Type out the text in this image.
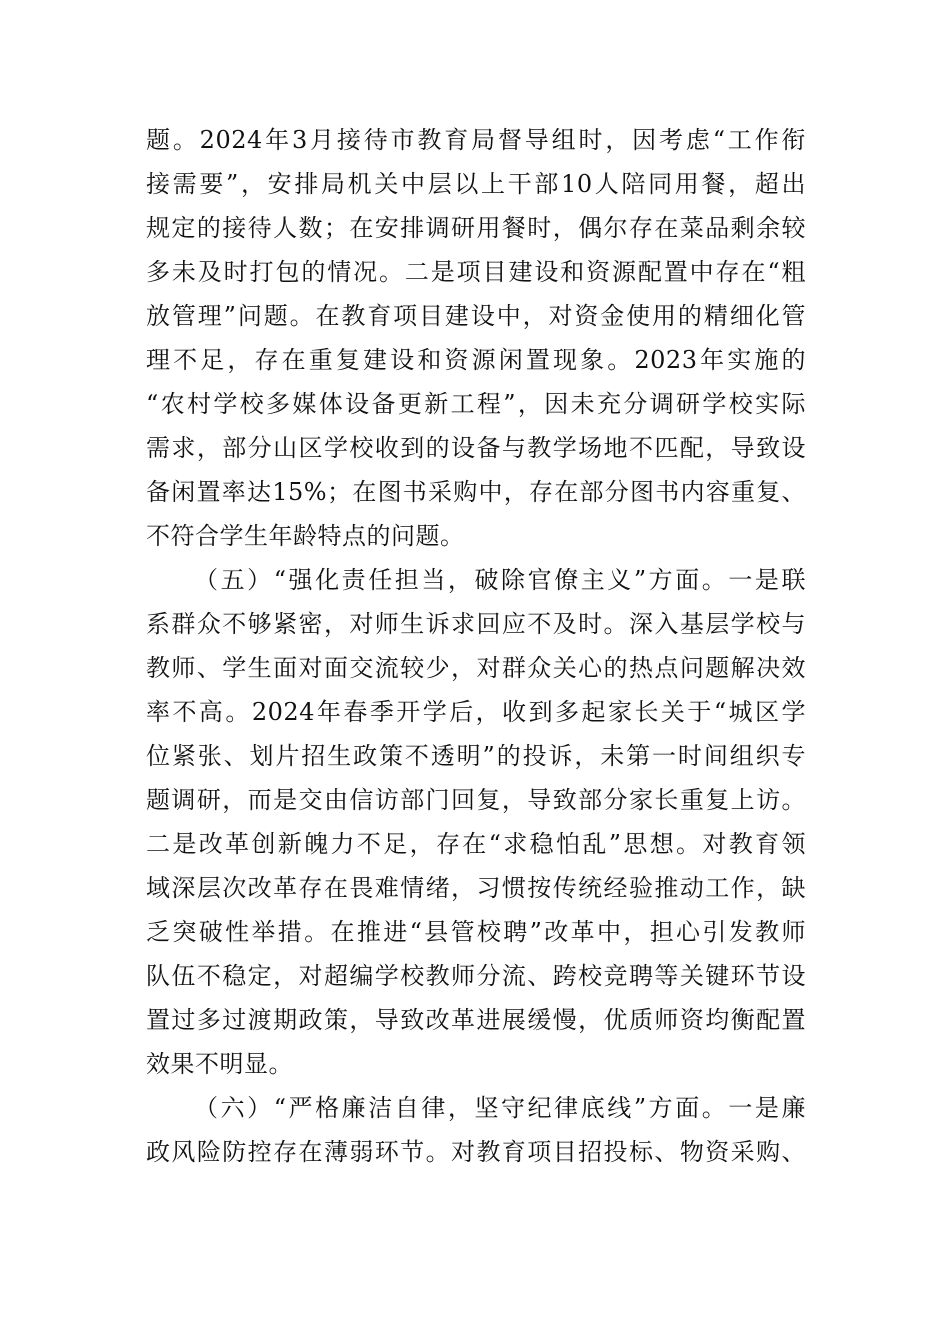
题。2024年3月接待市教育局督导组时，因考虑“工作衔
接需要”，安排局机关中层以上干部10人陪同用餐，超出
规定的接待人数；在安排调研用餐时，偶尔存在菜品剩余较
多未及时打包的情况。二是项目建设和资源配置中存在“粗
放管理”问题。在教育项目建设中，对资金使用的精细化管
理不足，存在重复建设和资源闲置现象。2023年实施的
“农村学校多媒体设备更新工程”，因未充分调研学校实际
需求，部分山区学校收到的设备与教学场地不匹配，导致设
备闲置率达15%；在图书采购中，存在部分图书内容重复、
不符合学生年龄特点的问题。
（五）“强化责任担当，破除官僚主义”方面。一是联
系群众不够紧密，对师生诉求回应不及时。深入基层学校与
教师、学生面对面交流较少，对群众关心的热点问题解决效
率不高。2024年春季开学后，收到多起家长关于“城区学
位紧张、划片招生政策不透明”的投诉，未第一时间组织专
题调研，而是交由信访部门回复，导致部分家长重复上访。
二是改革创新魄力不足，存在“求稳怕乱”思想。对教育领
域深层次改革存在畏难情绪，习惯按传统经验推动工作，缺
乏突破性举措。在推进“县管校聘”改革中，担心引发教师
队伍不稳定，对超编学校教师分流、跨校竞聘等关键环节设
置过多过渡期政策，导致改革进展缓慢，优质师资均衡配置
效果不明显。
（六）“严格廉洁自律，坚守纪律底线”方面。一是廉
政风险防控存在薄弱环节。对教育项目招投标、物资采购、
